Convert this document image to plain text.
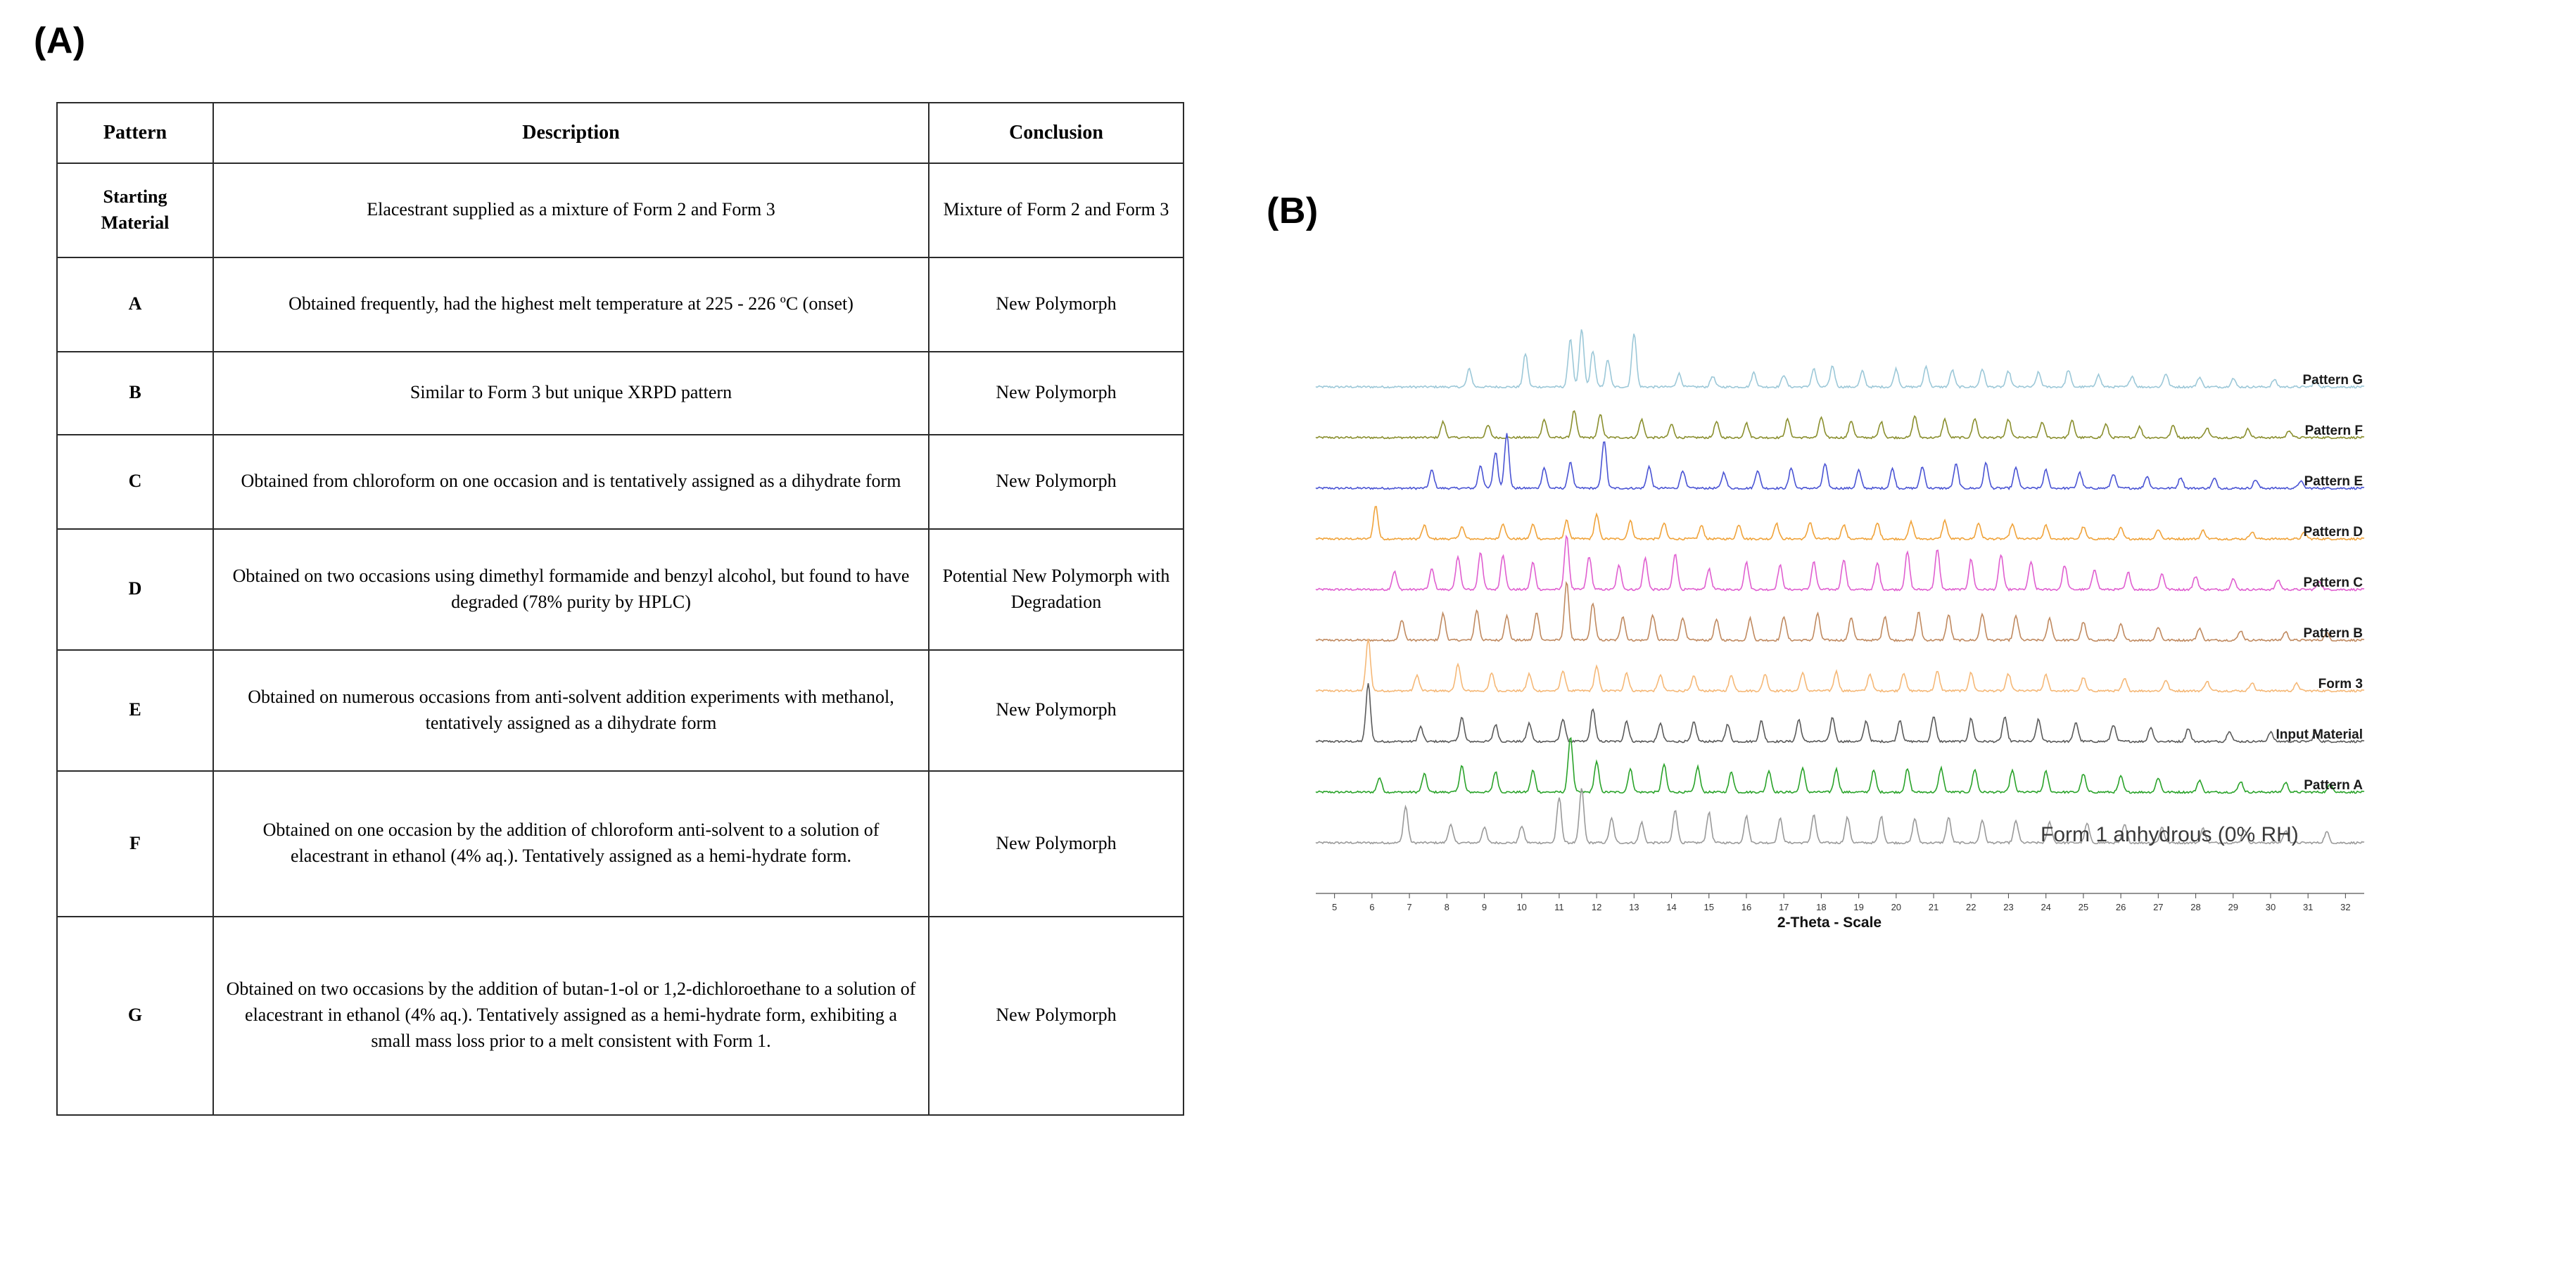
(A)
Pattern	Description	Conclusion
Starting Material	Elacestrant supplied as a mixture of Form 2 and Form 3	Mixture of Form 2 and Form 3
A	Obtained frequently, had the highest melt temperature at 225 - 226 ºC (onset)	New Polymorph
B	Similar to Form 3 but unique XRPD pattern	New Polymorph
C	Obtained from chloroform on one occasion and is tentatively assigned as a dihydrate form	New Polymorph
D	Obtained on two occasions using dimethyl formamide and benzyl alcohol, but found to have degraded (78% purity by HPLC)	Potential New Polymorph with Degradation
E	Obtained on numerous occasions from anti-solvent addition experiments with methanol, tentatively assigned as a dihydrate form	New Polymorph
F	Obtained on one occasion by the addition of chloroform anti-solvent to a solution of elacestrant in ethanol (4% aq.). Tentatively assigned as a hemi-hydrate form.	New Polymorph
G	Obtained on two occasions by the addition of butan-1-ol or 1,2-dichloroethane to a solution of elacestrant in ethanol (4% aq.). Tentatively assigned as a hemi-hydrate form, exhibiting a small mass loss prior to a melt consistent with Form 1.	New Polymorph
(B)
Pattern G
Pattern F
Pattern E
Pattern D
Pattern C
Pattern B
Form 3
Input Material
Pattern A
Form 1 anhydrous (0% RH)
5	6	7	8	9	10	11	12	13	14	15	16	17	18	19	20	21	22	23	24	25	26	27	28	29	30	31	32
2-Theta - Scale
